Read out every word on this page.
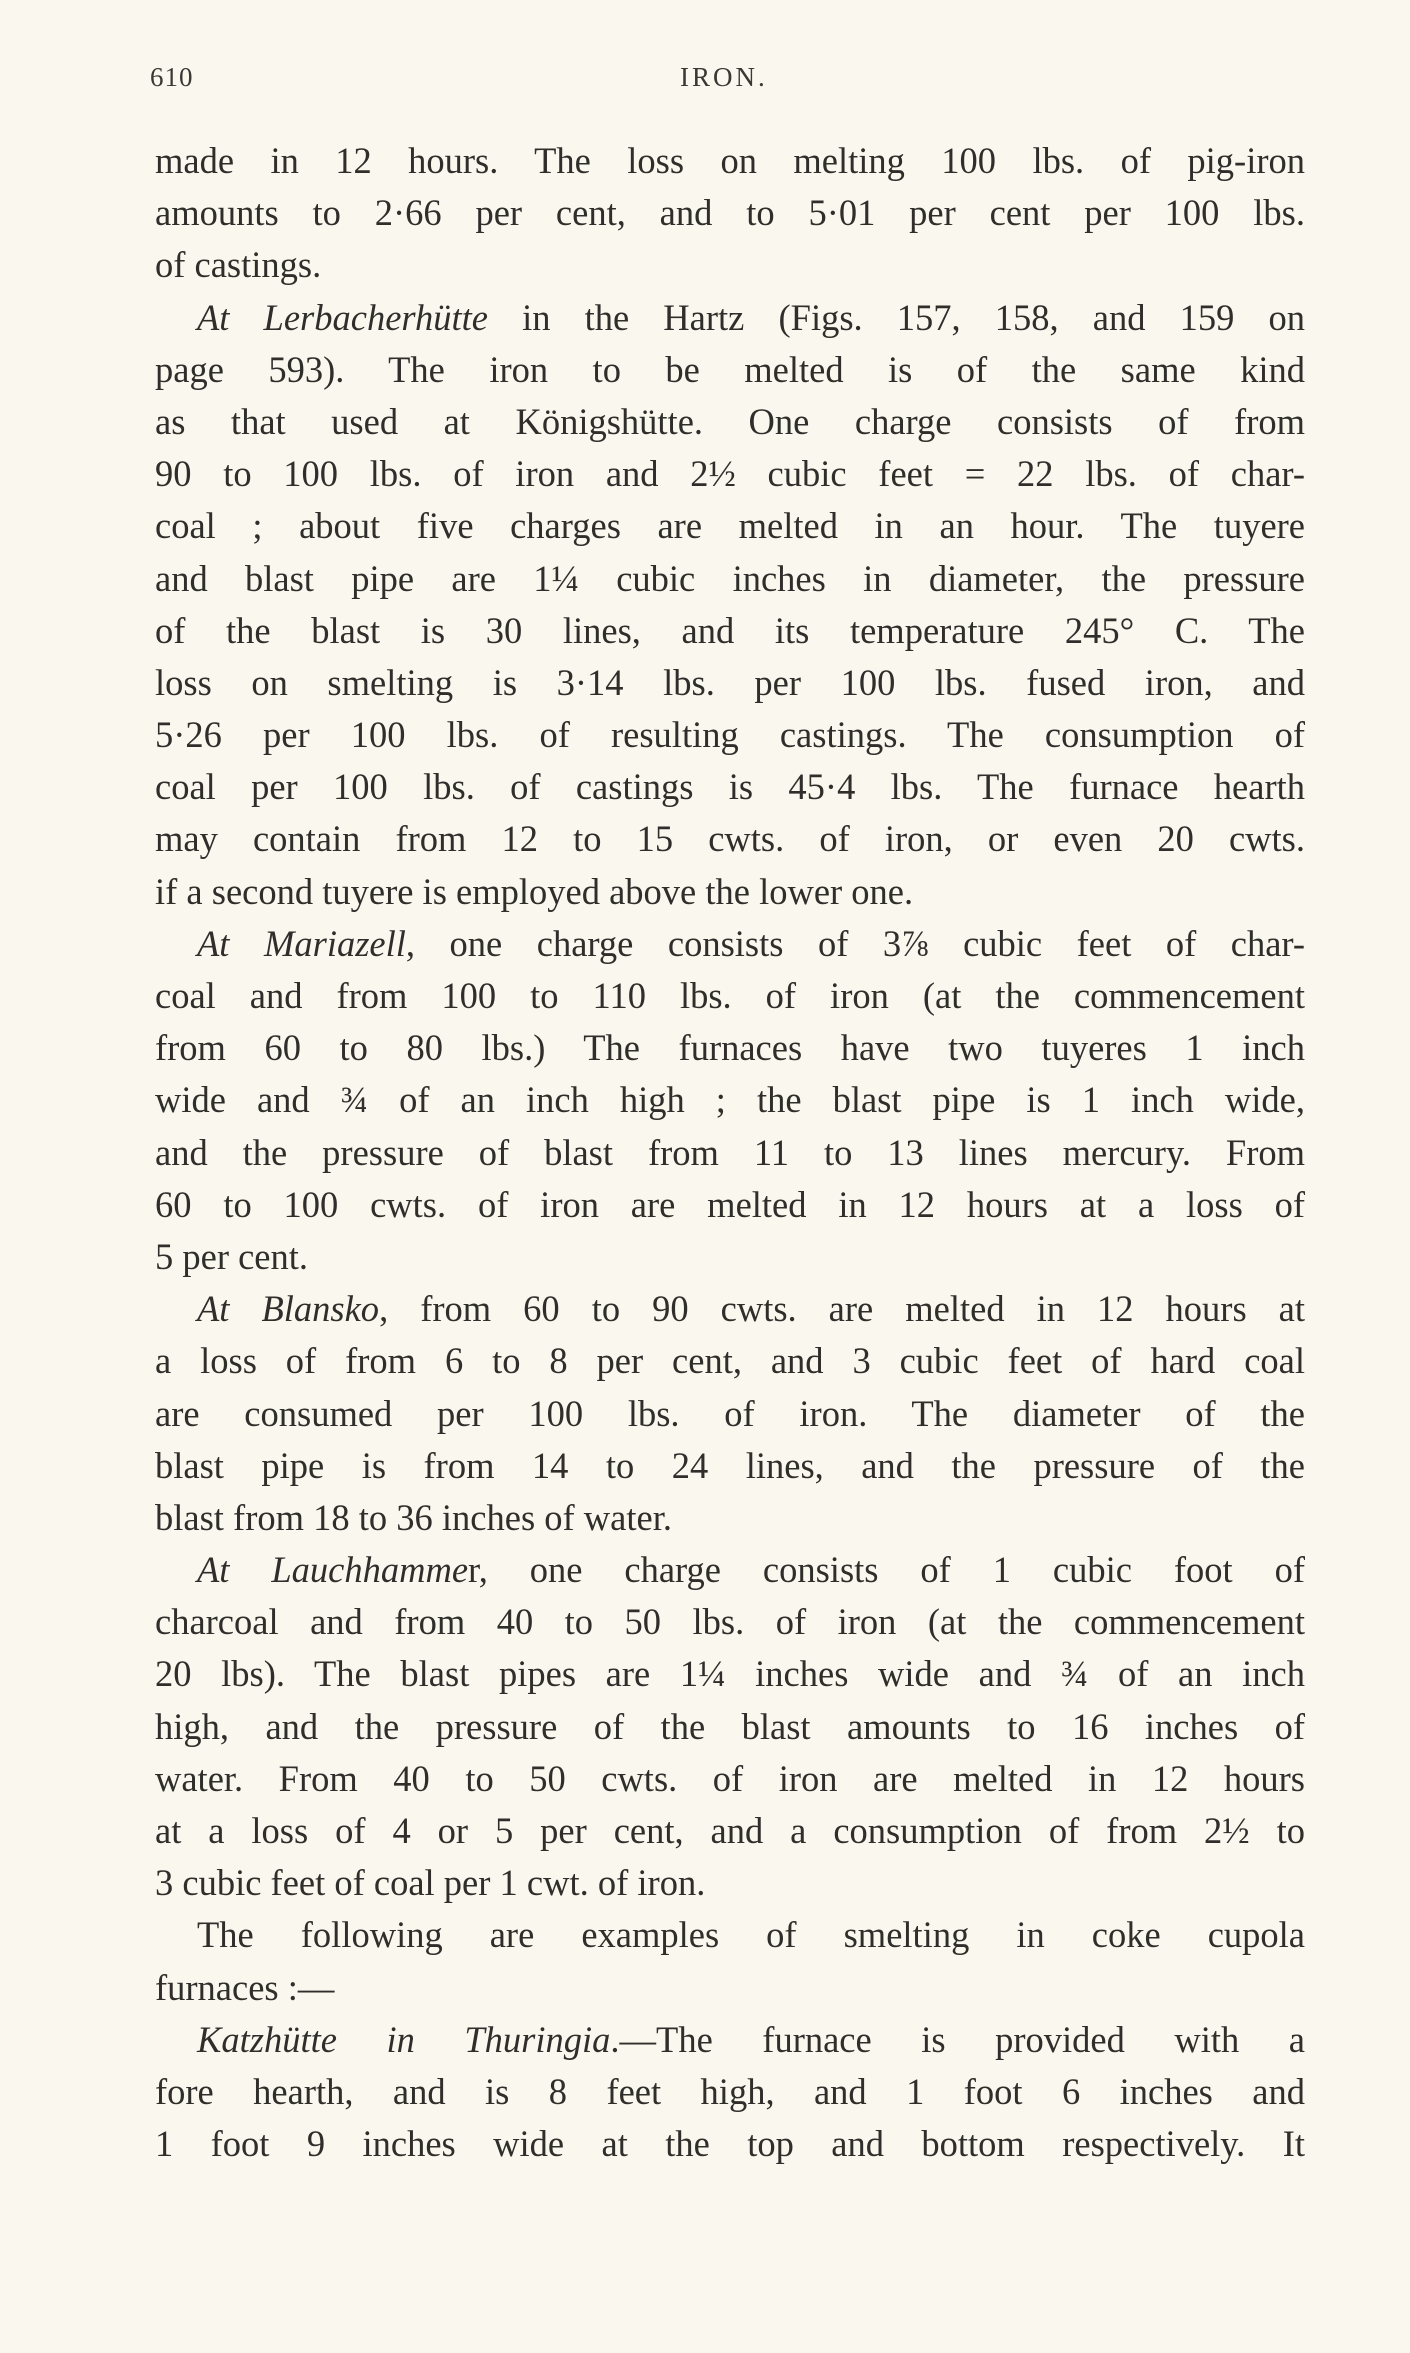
610	IRON.
made in 12 hours. The loss on melting 100 lbs. of pig-iron
amounts to 2·66 per cent, and to 5·01 per cent per 100 lbs.
of castings.
At Lerbacherhütte in the Hartz (Figs. 157, 158, and 159 on
page 593). The iron to be melted is of the same kind
as that used at Königshütte. One charge consists of from
90 to 100 lbs. of iron and 2½ cubic feet = 22 lbs. of char-
coal ; about five charges are melted in an hour. The tuyere
and blast pipe are 1¼ cubic inches in diameter, the pressure
of the blast is 30 lines, and its temperature 245° C. The
loss on smelting is 3·14 lbs. per 100 lbs. fused iron, and
5·26 per 100 lbs. of resulting castings. The consumption of
coal per 100 lbs. of castings is 45·4 lbs. The furnace hearth
may contain from 12 to 15 cwts. of iron, or even 20 cwts.
if a second tuyere is employed above the lower one.
At Mariazell, one charge consists of 3⅞ cubic feet of char-
coal and from 100 to 110 lbs. of iron (at the commencement
from 60 to 80 lbs.) The furnaces have two tuyeres 1 inch
wide and ¾ of an inch high ; the blast pipe is 1 inch wide,
and the pressure of blast from 11 to 13 lines mercury. From
60 to 100 cwts. of iron are melted in 12 hours at a loss of
5 per cent.
At Blansko, from 60 to 90 cwts. are melted in 12 hours at
a loss of from 6 to 8 per cent, and 3 cubic feet of hard coal
are consumed per 100 lbs. of iron. The diameter of the
blast pipe is from 14 to 24 lines, and the pressure of the
blast from 18 to 36 inches of water.
At Lauchhammer, one charge consists of 1 cubic foot of
charcoal and from 40 to 50 lbs. of iron (at the commencement
20 lbs). The blast pipes are 1¼ inches wide and ¾ of an inch
high, and the pressure of the blast amounts to 16 inches of
water. From 40 to 50 cwts. of iron are melted in 12 hours
at a loss of 4 or 5 per cent, and a consumption of from 2½ to
3 cubic feet of coal per 1 cwt. of iron.
The following are examples of smelting in coke cupola
furnaces :—
Katzhütte in Thuringia.—The furnace is provided with a
fore hearth, and is 8 feet high, and 1 foot 6 inches and
1 foot 9 inches wide at the top and bottom respectively. It
